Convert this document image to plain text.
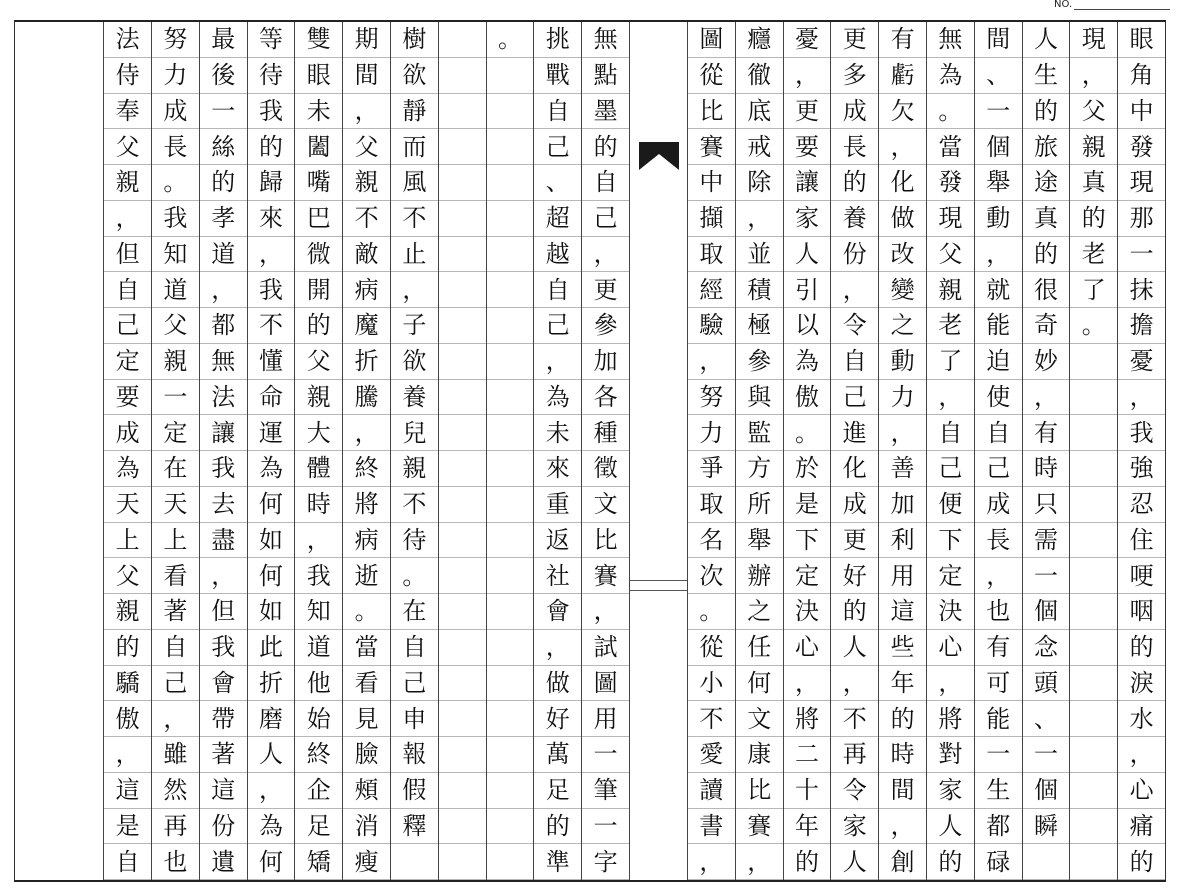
NO.
眼
角
中
發
現
那
一
抹
擔
憂
，
我
強
忍
住
哽
咽
的
淚
水
，
心
痛
的
現
，
父
親
真
的
老
了
。
人
生
的
旅
途
真
的
很
奇
妙
，
有
時
只
需
一
個
念
頭
、
一
個
瞬
間
、
一
個
舉
動
，
就
能
迫
使
自
己
成
長
，
也
有
可
能
一
生
都
碌
無
為
。
當
發
現
父
親
老
了
，
自
己
便
下
定
決
心
，
將
對
家
人
的
有
虧
欠
，
化
做
改
變
之
動
力
，
善
加
利
用
這
些
年
的
時
間
，
創
更
多
成
長
的
養
份
，
令
自
己
進
化
成
更
好
的
人
，
不
再
令
家
人
憂
，
更
要
讓
家
人
引
以
為
傲
。
於
是
下
定
決
心
，
將
二
十
年
的
癮
徹
底
戒
除
，
並
積
極
參
與
監
方
所
舉
辦
之
任
何
文
康
比
賽
，
圖
從
比
賽
中
擷
取
經
驗
，
努
力
爭
取
名
次
。
從
小
不
愛
讀
書
，
無
點
墨
的
自
己
，
更
參
加
各
種
徵
文
比
賽
，
試
圖
用
一
筆
一
字
挑
戰
自
己
、
超
越
自
己
，
為
未
來
重
返
社
會
，
做
好
萬
足
的
準
。
樹
欲
靜
而
風
不
止
，
子
欲
養
兒
親
不
待
。
在
自
己
申
報
假
釋
期
間
，
父
親
不
敵
病
魔
折
騰
，
終
將
病
逝
。
當
看
見
臉
頰
消
瘦
雙
眼
未
闔
嘴
巴
微
開
的
父
親
大
體
時
，
我
知
道
他
始
終
企
足
矯
等
待
我
的
歸
來
，
我
不
懂
命
運
為
何
如
何
如
此
折
磨
人
，
為
何
最
後
一
絲
的
孝
道
，
都
無
法
讓
我
去
盡
，
但
我
會
帶
著
這
份
遺
努
力
成
長
。
我
知
道
父
親
一
定
在
天
上
看
著
自
己
，
雖
然
再
也
法
侍
奉
父
親
，
但
自
己
定
要
成
為
天
上
父
親
的
驕
傲
，
這
是
自
